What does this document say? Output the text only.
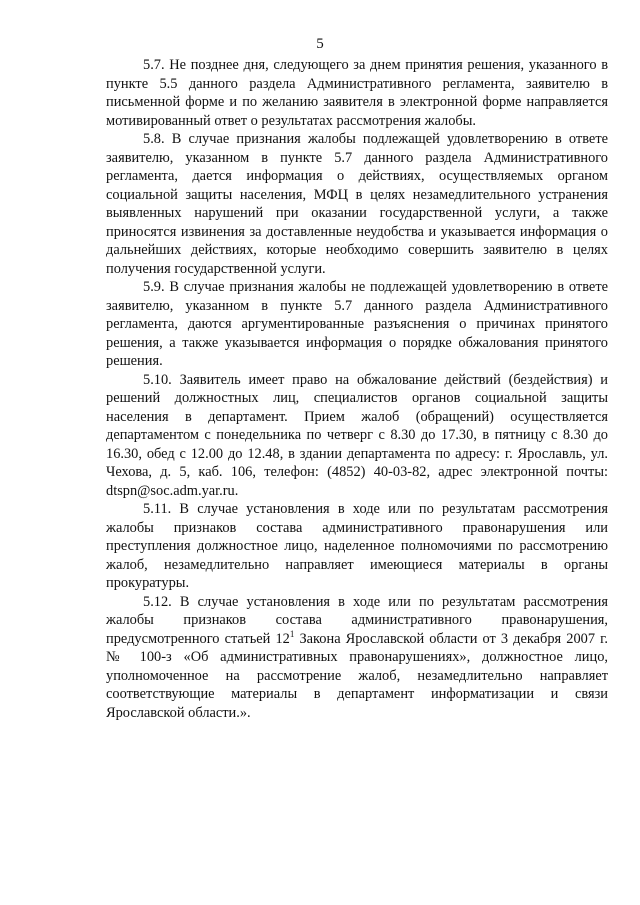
5

5.7. Не позднее дня, следующего за днем принятия решения, указанного в пункте 5.5 данного раздела Административного регламента, заявителю в письменной форме и по желанию заявителя в электронной форме направляется мотивированный ответ о результатах рассмотрения жалобы.

5.8. В случае признания жалобы подлежащей удовлетворению в ответе заявителю, указанном в пункте 5.7 данного раздела Административного регламента, дается информация о действиях, осуществляемых органом социальной защиты населения, МФЦ в целях незамедлительного устранения выявленных нарушений при оказании государственной услуги, а также приносятся извинения за доставленные неудобства и указывается информация о дальнейших действиях, которые необходимо совершить заявителю в целях получения государственной услуги.

5.9. В случае признания жалобы не подлежащей удовлетворению в ответе заявителю, указанном в пункте 5.7 данного раздела Административного регламента, даются аргументированные разъяснения о причинах принятого решения, а также указывается информация о порядке обжалования принятого решения.

5.10. Заявитель имеет право на обжалование действий (бездействия) и решений должностных лиц, специалистов органов социальной защиты населения в департамент. Прием жалоб (обращений) осуществляется департаментом с понедельника по четверг с 8.30 до 17.30, в пятницу с 8.30 до 16.30, обед с 12.00 до 12.48, в здании департамента по адресу: г. Ярославль, ул. Чехова, д. 5, каб. 106, телефон: (4852) 40-03-82, адрес электронной почты: dtspn@soc.adm.yar.ru.

5.11. В случае установления в ходе или по результатам рассмотрения жалобы признаков состава административного правонарушения или преступления должностное лицо, наделенное полномочиями по рассмотрению жалоб, незамедлительно направляет имеющиеся материалы в органы прокуратуры.

5.12. В случае установления в ходе или по результатам рассмотрения жалобы признаков состава административного правонарушения, предусмотренного статьей $12^1$ Закона Ярославской области от 3 декабря 2007 г. № 100-з «Об административных правонарушениях», должностное лицо, уполномоченное на рассмотрение жалоб, незамедлительно направляет соответствующие материалы в департамент информатизации и связи Ярославской области.».
